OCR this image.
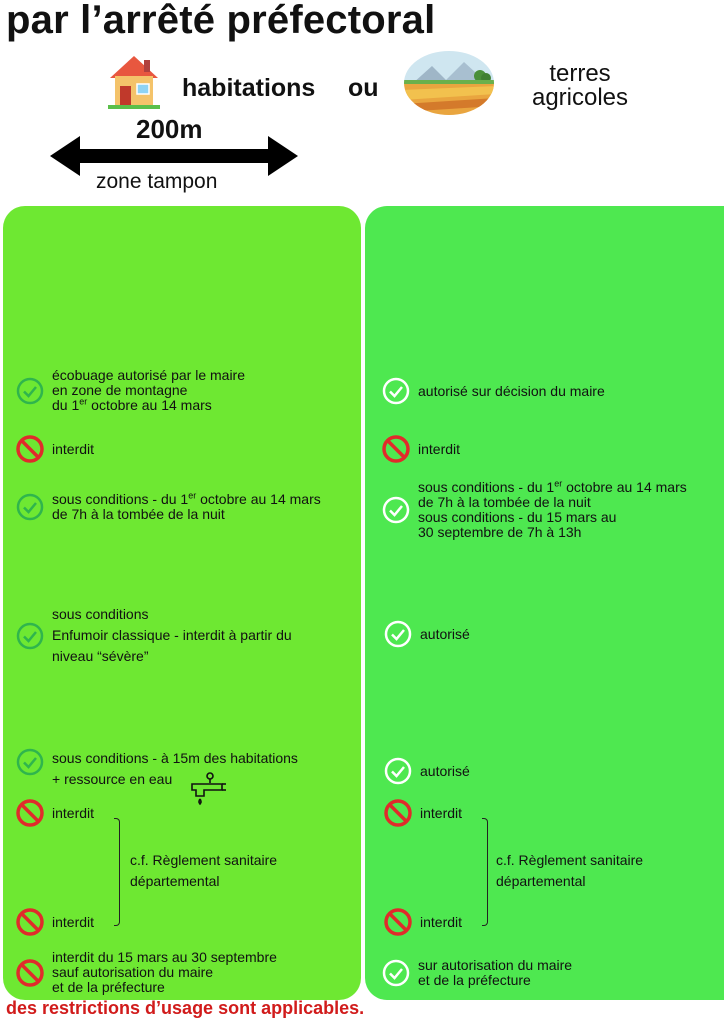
par l’arrêté préfectoral
habitations ou
terres
agricoles
200m
zone tampon

écobuage autorisé par le maire

en zone de montagne

du 1er octobre au 14 mars

interdit

sous conditions - du 1er octobre au 14 mars

de 7h à la tombée de la nuit

sous conditions

Enfumoir classique - interdit à partir du

niveau “sévère”

sous conditions - à 15m des habitations

+ ressource en eau

interdit

c.f. Règlement sanitaire

départemental

interdit

interdit du 15 mars au 30 septembre

sauf autorisation du maire

et de la préfecture

autorisé sur décision du maire
interdit

sous conditions - du 1er octobre au 14 mars

de 7h à la tombée de la nuit

sous conditions - du 15 mars au

30 septembre de 7h à 13h

autorisé
autorisé
interdit

c.f. Règlement sanitaire

départemental

interdit

sur autorisation du maire

et de la préfecture

des restrictions d’usage sont applicables.
